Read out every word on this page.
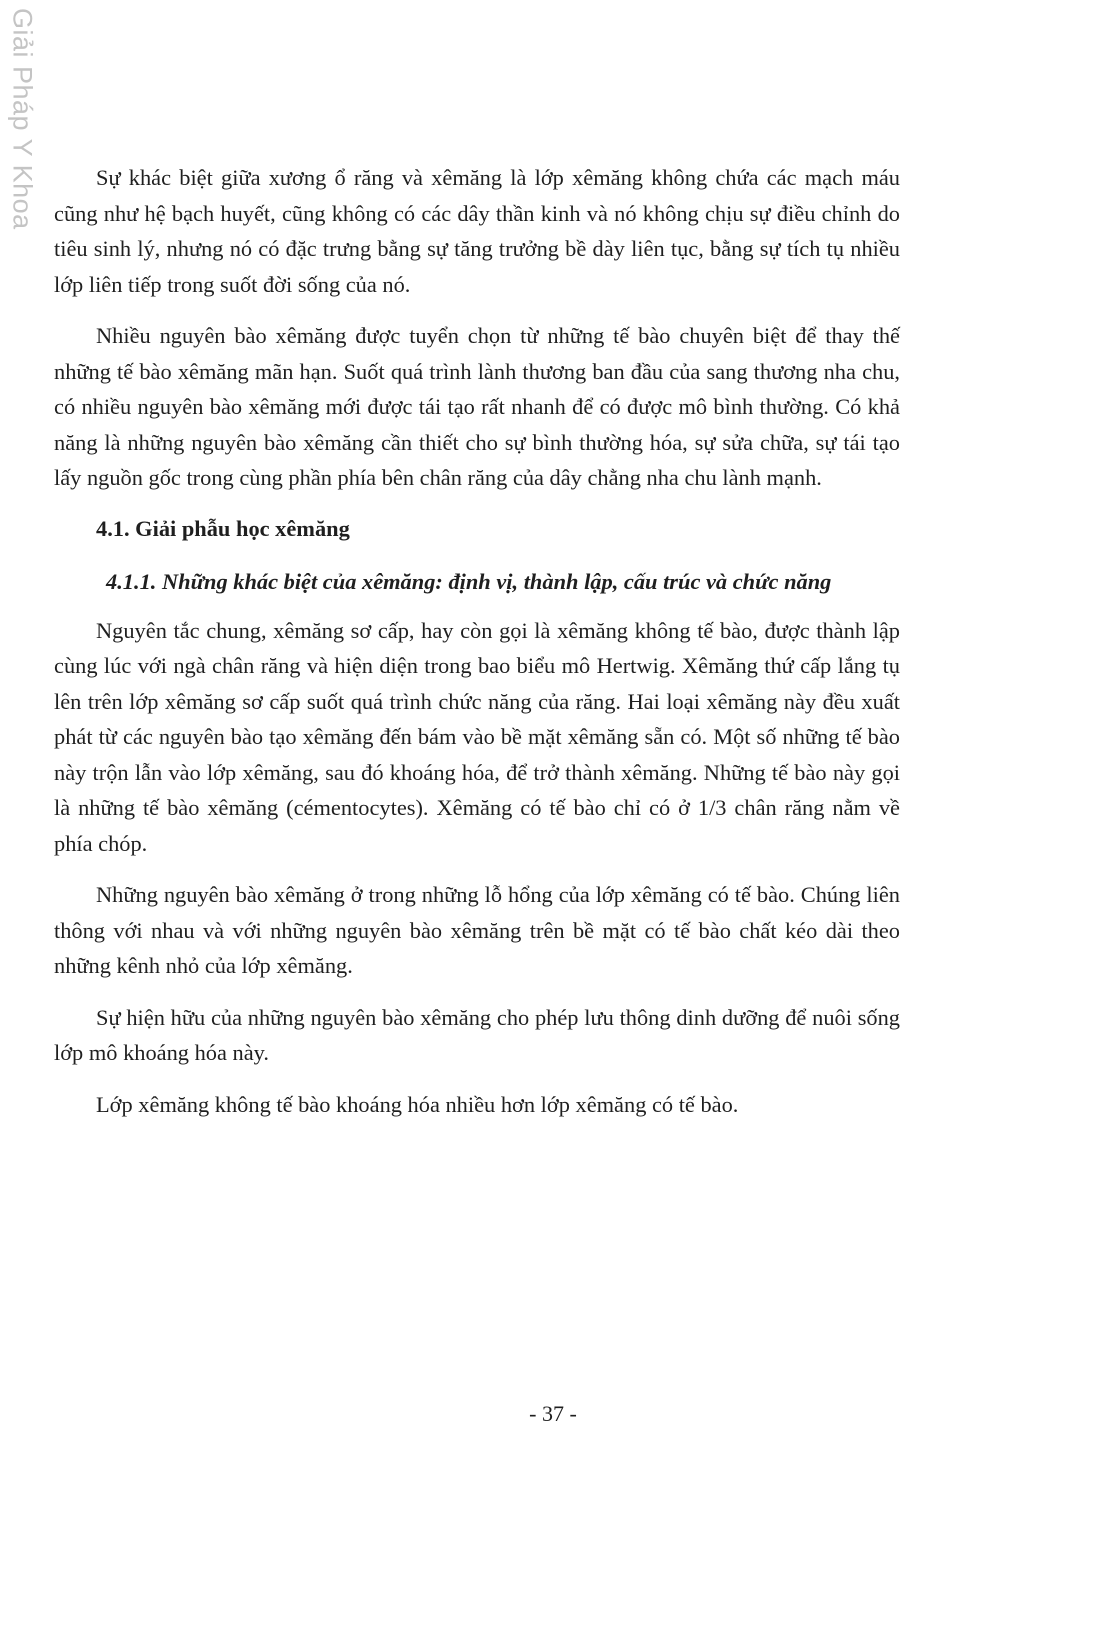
Giải Pháp Y Khoa	Sự khác biệt giữa xương ổ răng và xêmăng là lớp xêmăng không chứa các mạch máu cũng như hệ bạch huyết, cũng không có các dây thần kinh và nó không chịu sự điều chỉnh do tiêu sinh lý, nhưng nó có đặc trưng bằng sự tăng trưởng bề dày liên tục, bằng sự tích tụ nhiều lớp liên tiếp trong suốt đời sống của nó.

Nhiều nguyên bào xêmăng được tuyển chọn từ những tế bào chuyên biệt để thay thế những tế bào xêmăng mãn hạn. Suốt quá trình lành thương ban đầu của sang thương nha chu, có nhiều nguyên bào xêmăng mới được tái tạo rất nhanh để có được mô bình thường. Có khả năng là những nguyên bào xêmăng cần thiết cho sự bình thường hóa, sự sửa chữa, sự tái tạo lấy nguồn gốc trong cùng phần phía bên chân răng của dây chằng nha chu lành mạnh.

4.1. Giải phẫu học xêmăng
4.1.1. Những khác biệt của xêmăng: định vị, thành lập, cấu trúc và chức năng

Nguyên tắc chung, xêmăng sơ cấp, hay còn gọi là xêmăng không tế bào, được thành lập cùng lúc với ngà chân răng và hiện diện trong bao biểu mô Hertwig. Xêmăng thứ cấp lắng tụ lên trên lớp xêmăng sơ cấp suốt quá trình chức năng của răng. Hai loại xêmăng này đều xuất phát từ các nguyên bào tạo xêmăng đến bám vào bề mặt xêmăng sẵn có. Một số những tế bào này trộn lẫn vào lớp xêmăng, sau đó khoáng hóa, để trở thành xêmăng. Những tế bào này gọi là những tế bào xêmăng (cémentocytes). Xêmăng có tế bào chỉ có ở 1/3 chân răng nằm về phía chóp.

Những nguyên bào xêmăng ở trong những lỗ hổng của lớp xêmăng có tế bào. Chúng liên thông với nhau và với những nguyên bào xêmăng trên bề mặt có tế bào chất kéo dài theo những kênh nhỏ của lớp xêmăng.

Sự hiện hữu của những nguyên bào xêmăng cho phép lưu thông dinh dưỡng để nuôi sống lớp mô khoáng hóa này.

Lớp xêmăng không tế bào khoáng hóa nhiều hơn lớp xêmăng có tế bào.

- 37 -
